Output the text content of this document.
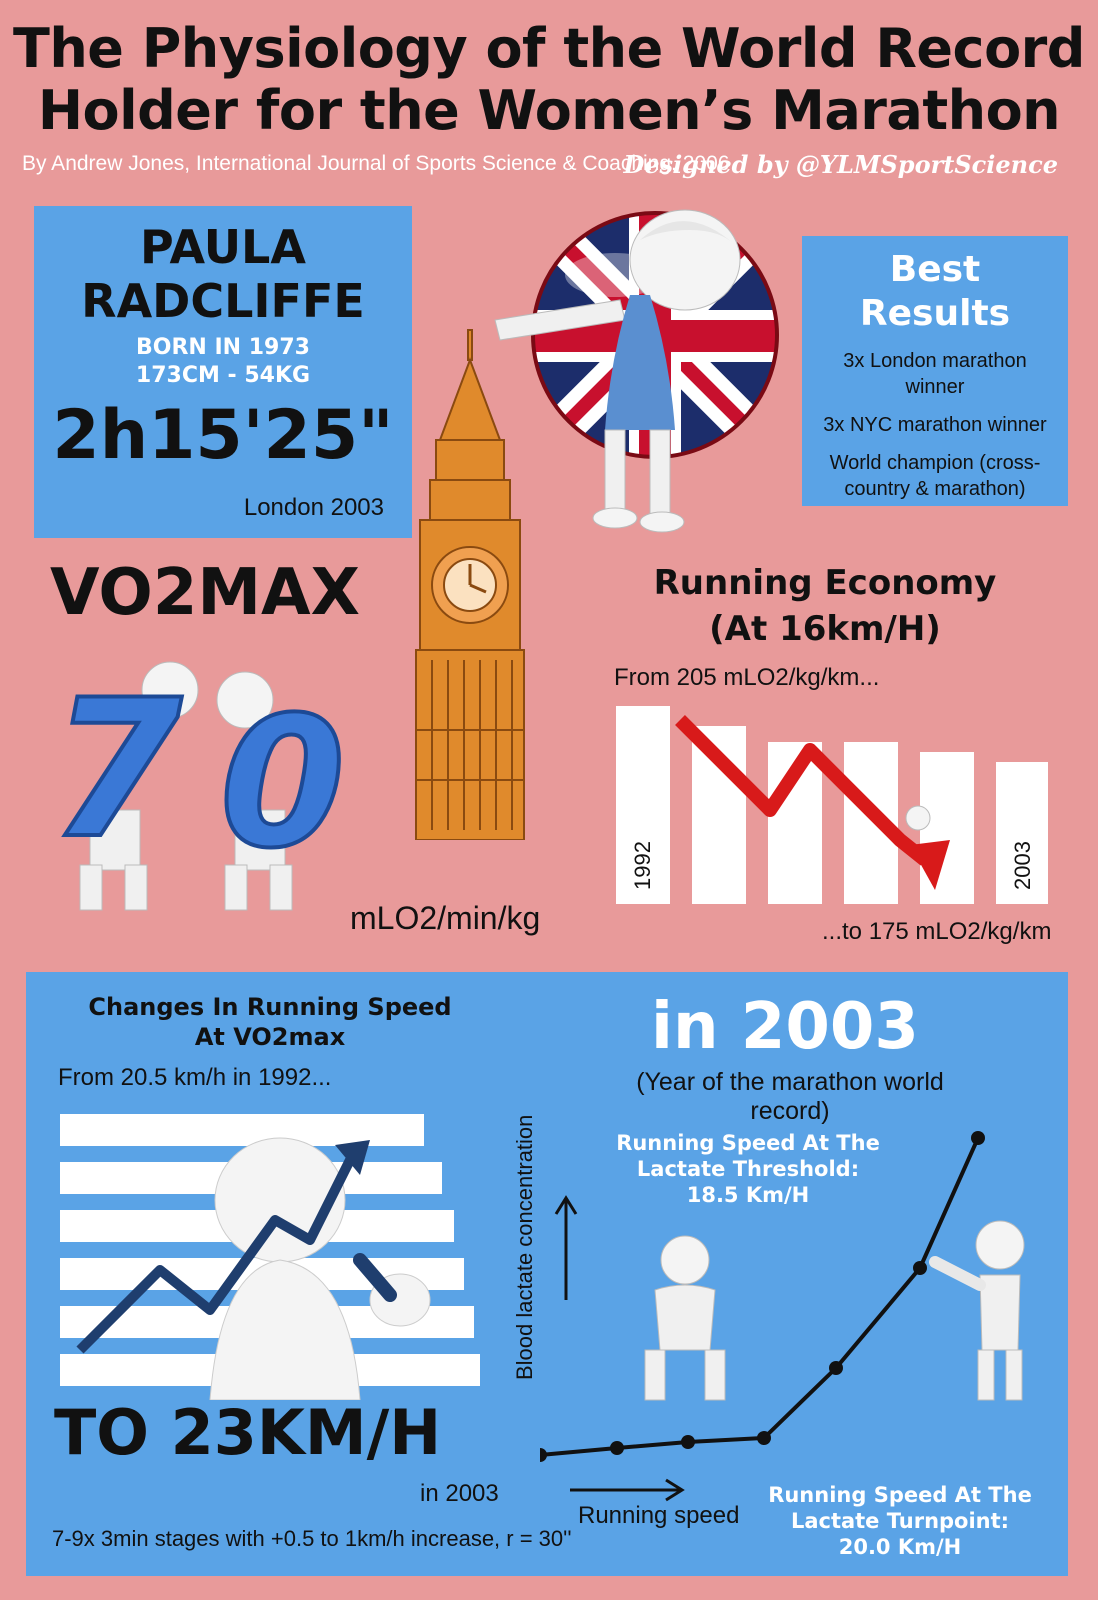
The Physiology of the World Record
Holder for the Women’s Marathon
By Andrew Jones, International Journal of Sports Science & Coaching, 2006
Designed by @YLMSportScience
PAULA
RADCLIFFE
BORN IN 1973
173CM - 54KG
2h15'25"
London 2003
Best
Results
3x London marathon winner
3x NYC marathon winner
World champion (cross-country & marathon)
VO2MAX
7 0
mLO2/min/kg
Running Economy
(At 16km/H)
From 205 mLO2/kg/km...
1992	2003
...to 175 mLO2/kg/km
Changes In Running Speed
At VO2max
From 20.5 km/h in 1992...
TO 23KM/H
in 2003
7-9x 3min stages with +0.5 to 1km/h increase, r = 30''
in 2003
(Year of the marathon world record)
Running Speed At The
Lactate Threshold:
18.5 Km/H
Blood lactate concentration
Running speed
Running Speed At The
Lactate Turnpoint:
20.0 Km/H
